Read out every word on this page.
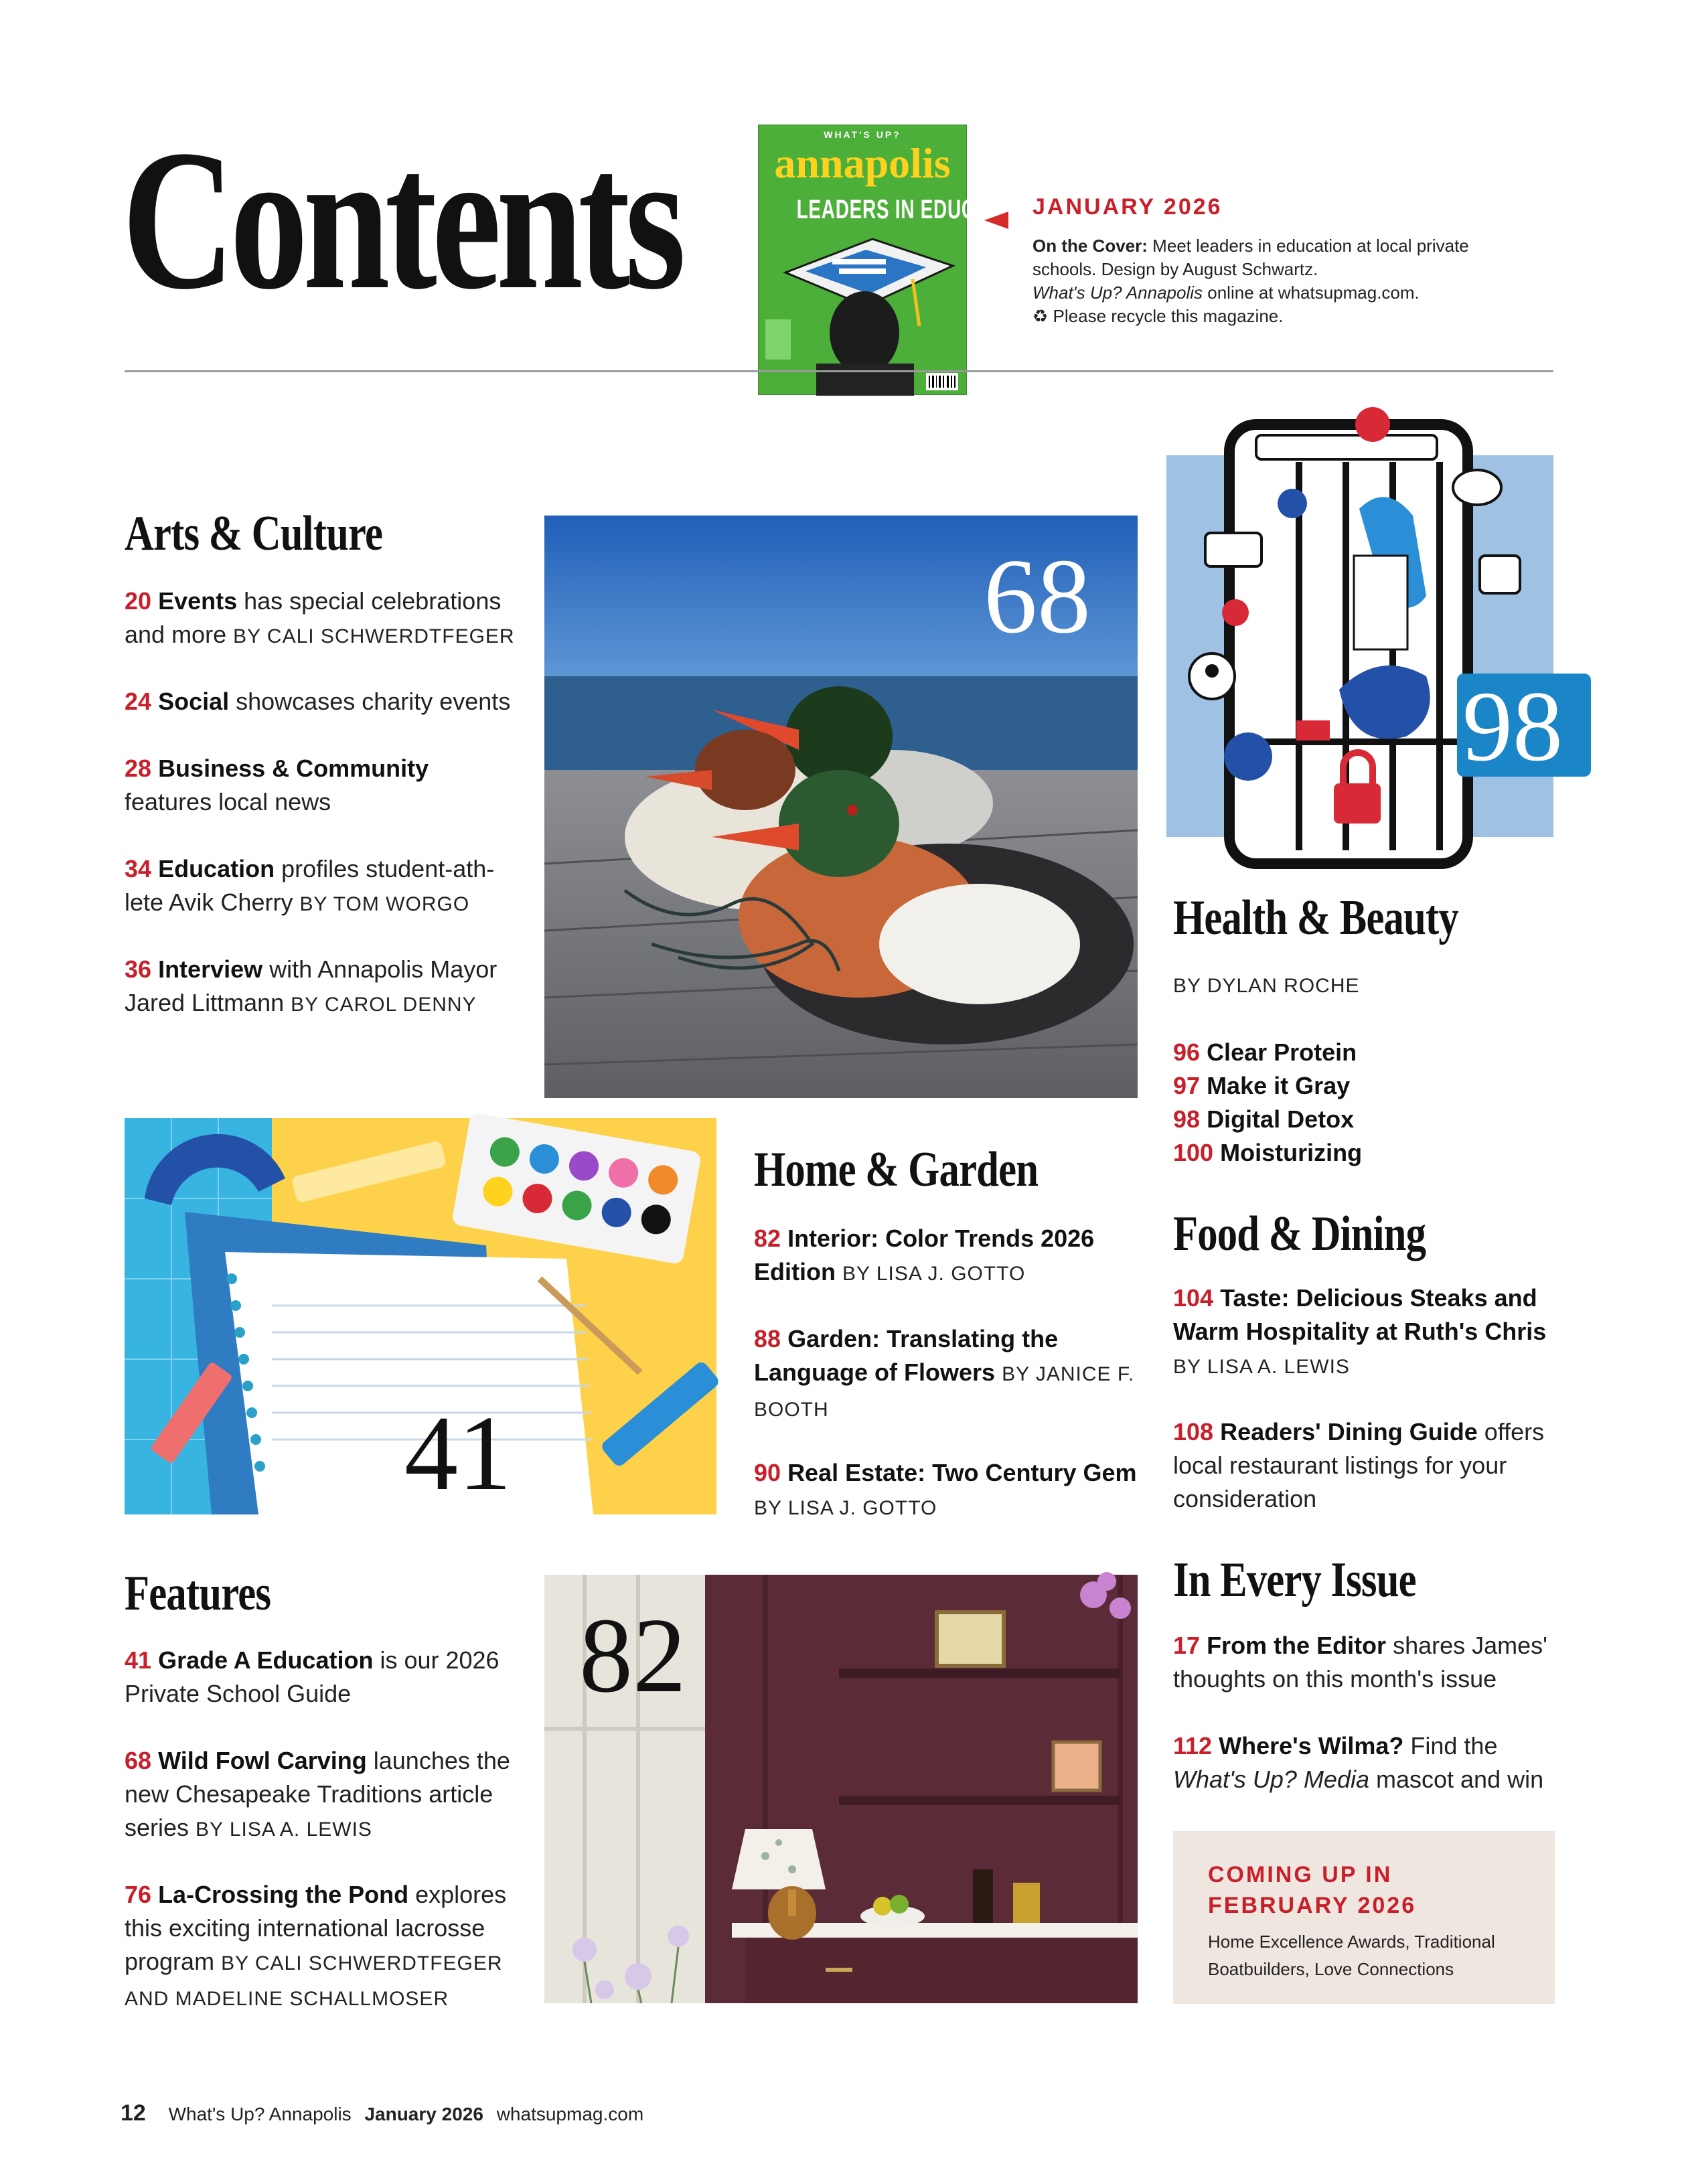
Contents	WHAT'S UP?
annapolis
LEADERS IN EDUCATION
JANUARY 2026
On the Cover: Meet leaders in education at local private schools. Design by August Schwartz.
What's Up? Annapolis online at whatsupmag.com.
♻ Please recycle this magazine.
Arts & Culture
20 Events has special celebrations and more BY CALI SCHWERDTFEGER
24 Social showcases charity events
28 Business & Community features local news
34 Education profiles student-ath-lete Avik Cherry BY TOM WORGO
36 Interview with Annapolis Mayor Jared Littmann BY CAROL DENNY
68
98
Health & Beauty
BY DYLAN ROCHE
96 Clear Protein
97 Make it Gray
98 Digital Detox
100 Moisturizing
41
Home & Garden
82 Interior: Color Trends 2026 Edition BY LISA J. GOTTO
88 Garden: Translating the Language of Flowers BY JANICE F. BOOTH
90 Real Estate: Two Century Gem BY LISA J. GOTTO
Food & Dining
104 Taste: Delicious Steaks and Warm Hospitality at Ruth's Chris BY LISA A. LEWIS
108 Readers' Dining Guide offers local restaurant listings for your consideration
Features
41 Grade A Education is our 2026 Private School Guide
68 Wild Fowl Carving launches the new Chesapeake Traditions article series BY LISA A. LEWIS
76 La-Crossing the Pond explores this exciting international lacrosse program BY CALI SCHWERDTFEGER AND MADELINE SCHALLMOSER
82
In Every Issue
17 From the Editor shares James' thoughts on this month's issue
112 Where's Wilma? Find the What's Up? Media mascot and win
COMING UP IN FEBRUARY 2026
Home Excellence Awards, Traditional Boatbuilders, Love Connections
12 What's Up? Annapolis January 2026 whatsupmag.com
